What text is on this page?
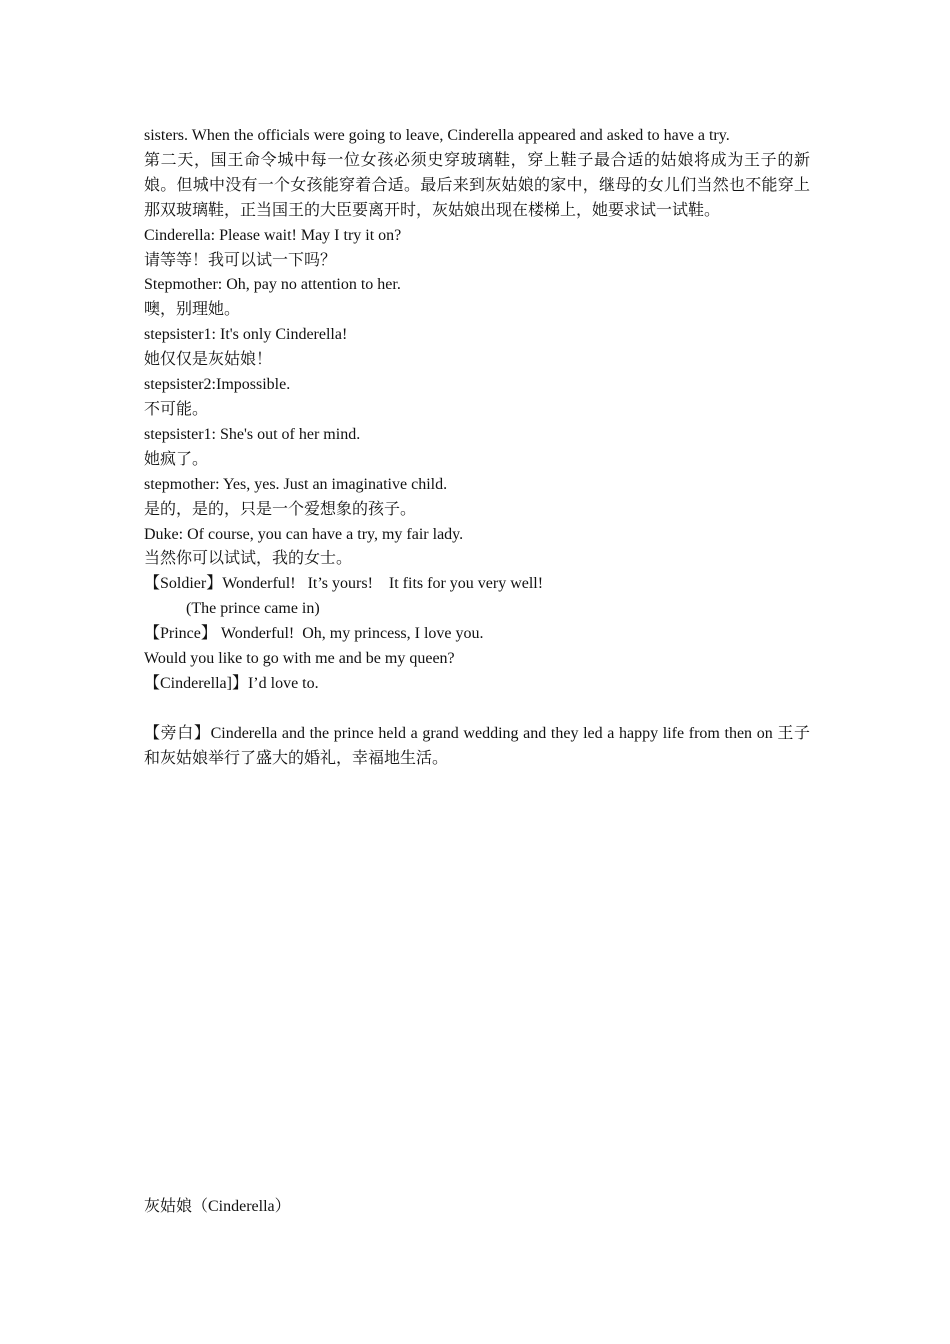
sisters. When the officials were going to leave, Cinderella appeared and asked to have a try.

第二天，国王命令城中每一位女孩必须史穿玻璃鞋，穿上鞋子最合适的姑娘将成为王子的新娘。但城中没有一个女孩能穿着合适。最后来到灰姑娘的家中，继母的女儿们当然也不能穿上那双玻璃鞋，正当国王的大臣要离开时，灰姑娘出现在楼梯上，她要求试一试鞋。

Cinderella: Please wait! May I try it on?

请等等！我可以试一下吗？

Stepmother: Oh, pay no attention to her.

噢，别理她。

stepsister1: It's only Cinderella!

她仅仅是灰姑娘！

stepsister2:Impossible.

不可能。

stepsister1: She's out of her mind.

她疯了。

stepmother: Yes, yes. Just an imaginative child.

是的，是的，只是一个爱想象的孩子。

Duke: Of course, you can have a try, my fair lady.

当然你可以试试，我的女士。

【Soldier】Wonderful!   It’s yours!    It fits for you very well!

(The prince came in)

【Prince】 Wonderful!  Oh, my princess, I love you.

Would you like to go with me and be my queen?

【Cinderella]】I’d love to.

【旁白】Cinderella and the prince held a grand wedding and they led a happy life from then on 王子和灰姑娘举行了盛大的婚礼，幸福地生活。

灰姑娘（Cinderella）
